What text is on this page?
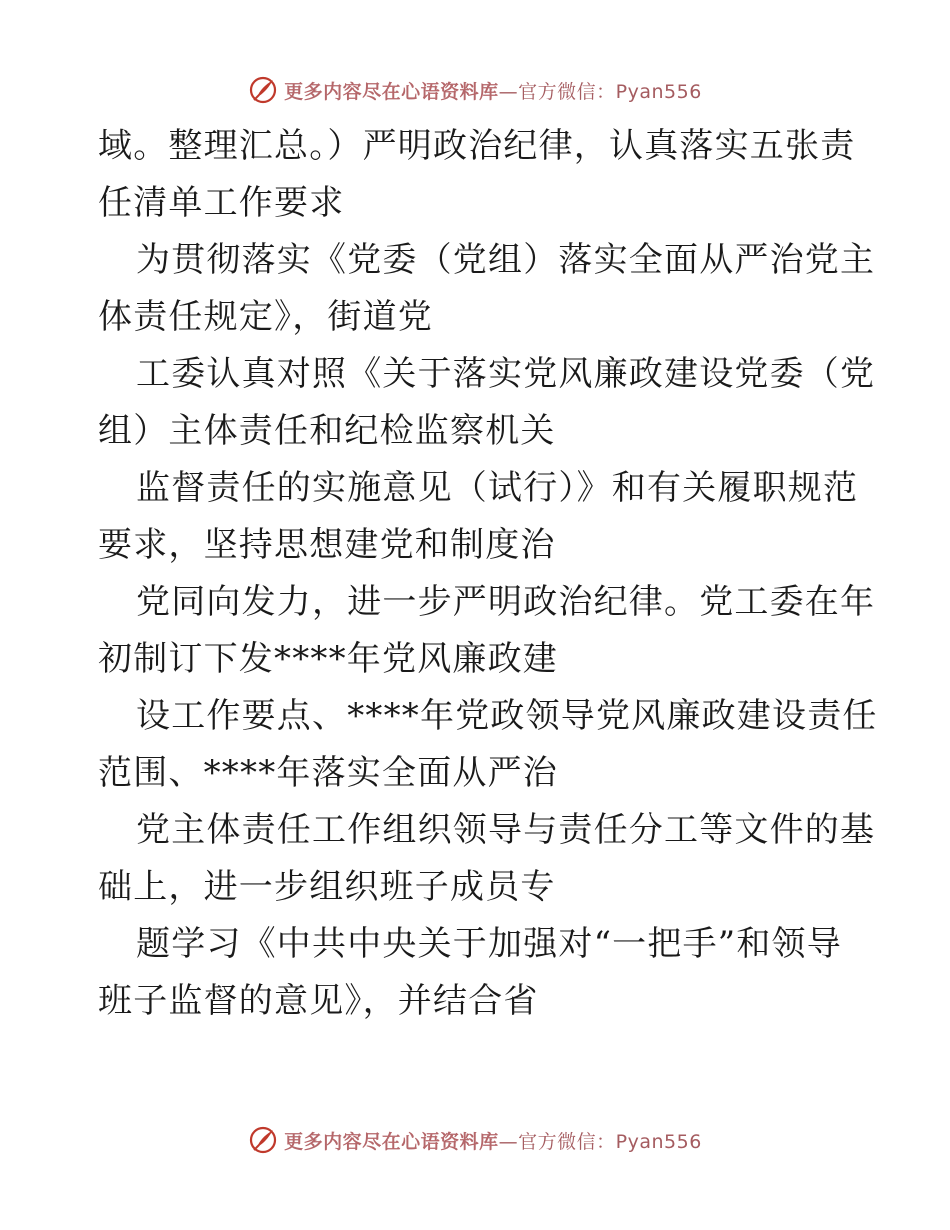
更多内容尽在心语资料库—官方微信：Pyan556
域。整理汇总。）严明政治纪律，认真落实五张责
任清单工作要求
为贯彻落实《党委（党组）落实全面从严治党主
体责任规定》，街道党
工委认真对照《关于落实党风廉政建设党委（党
组）主体责任和纪检监察机关
监督责任的实施意见（试行）》和有关履职规范
要求，坚持思想建党和制度治
党同向发力，进一步严明政治纪律。党工委在年
初制订下发****年党风廉政建
设工作要点、****年党政领导党风廉政建设责任
范围、****年落实全面从严治
党主体责任工作组织领导与责任分工等文件的基
础上，进一步组织班子成员专
题学习《中共中央关于加强对“一把手”和领导
班子监督的意见》，并结合省
更多内容尽在心语资料库—官方微信：Pyan556
